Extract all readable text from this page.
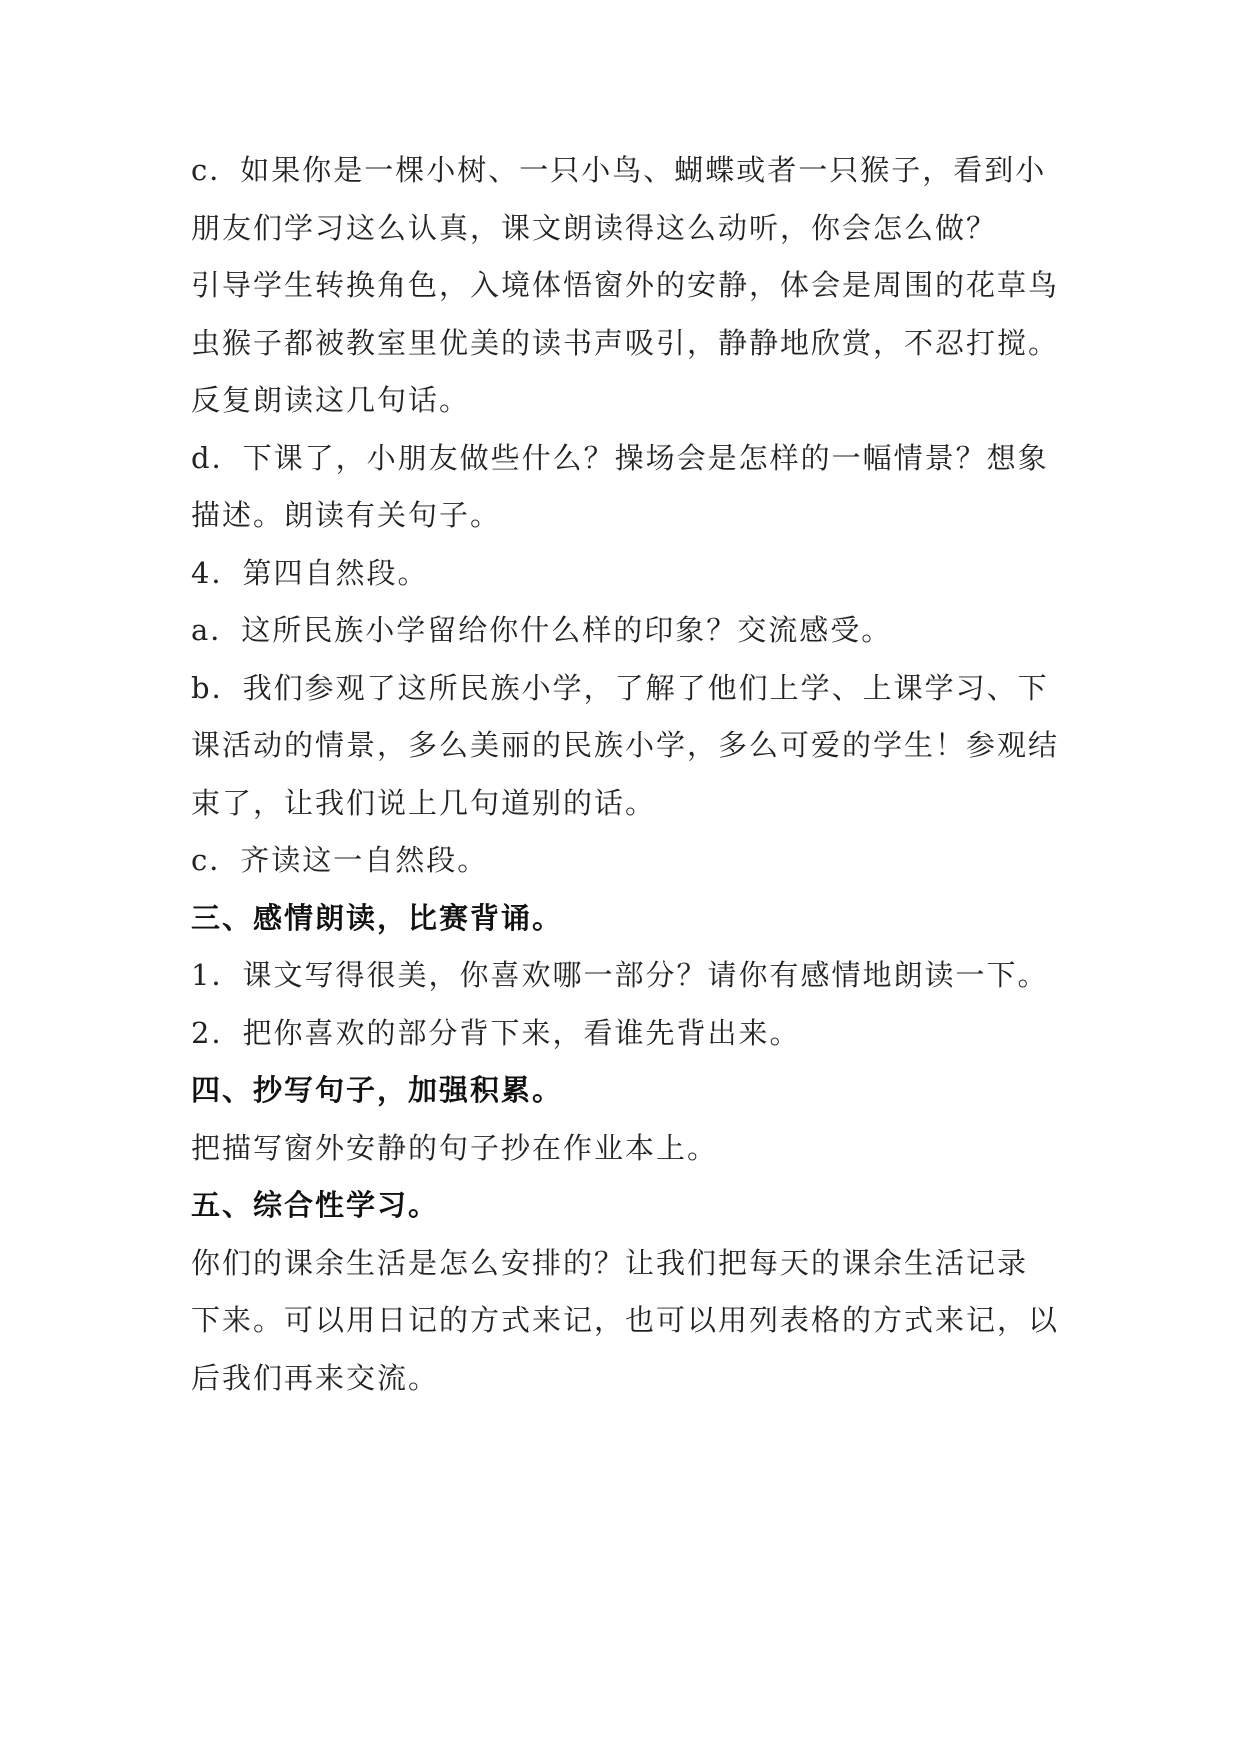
c．如果你是一棵小树、一只小鸟、蝴蝶或者一只猴子，看到小
朋友们学习这么认真，课文朗读得这么动听，你会怎么做？
引导学生转换角色，入境体悟窗外的安静，体会是周围的花草鸟
虫猴子都被教室里优美的读书声吸引，静静地欣赏，不忍打搅。
反复朗读这几句话。
d．下课了，小朋友做些什么？操场会是怎样的一幅情景？想象
描述。朗读有关句子。
4．第四自然段。
a．这所民族小学留给你什么样的印象？交流感受。
b．我们参观了这所民族小学，了解了他们上学、上课学习、下
课活动的情景，多么美丽的民族小学，多么可爱的学生！参观结
束了，让我们说上几句道别的话。
c．齐读这一自然段。
三、感情朗读，比赛背诵。
1．课文写得很美，你喜欢哪一部分？请你有感情地朗读一下。
2．把你喜欢的部分背下来，看谁先背出来。
四、抄写句子，加强积累。
把描写窗外安静的句子抄在作业本上。
五、综合性学习。
你们的课余生活是怎么安排的？让我们把每天的课余生活记录
下来。可以用日记的方式来记，也可以用列表格的方式来记，以
后我们再来交流。
